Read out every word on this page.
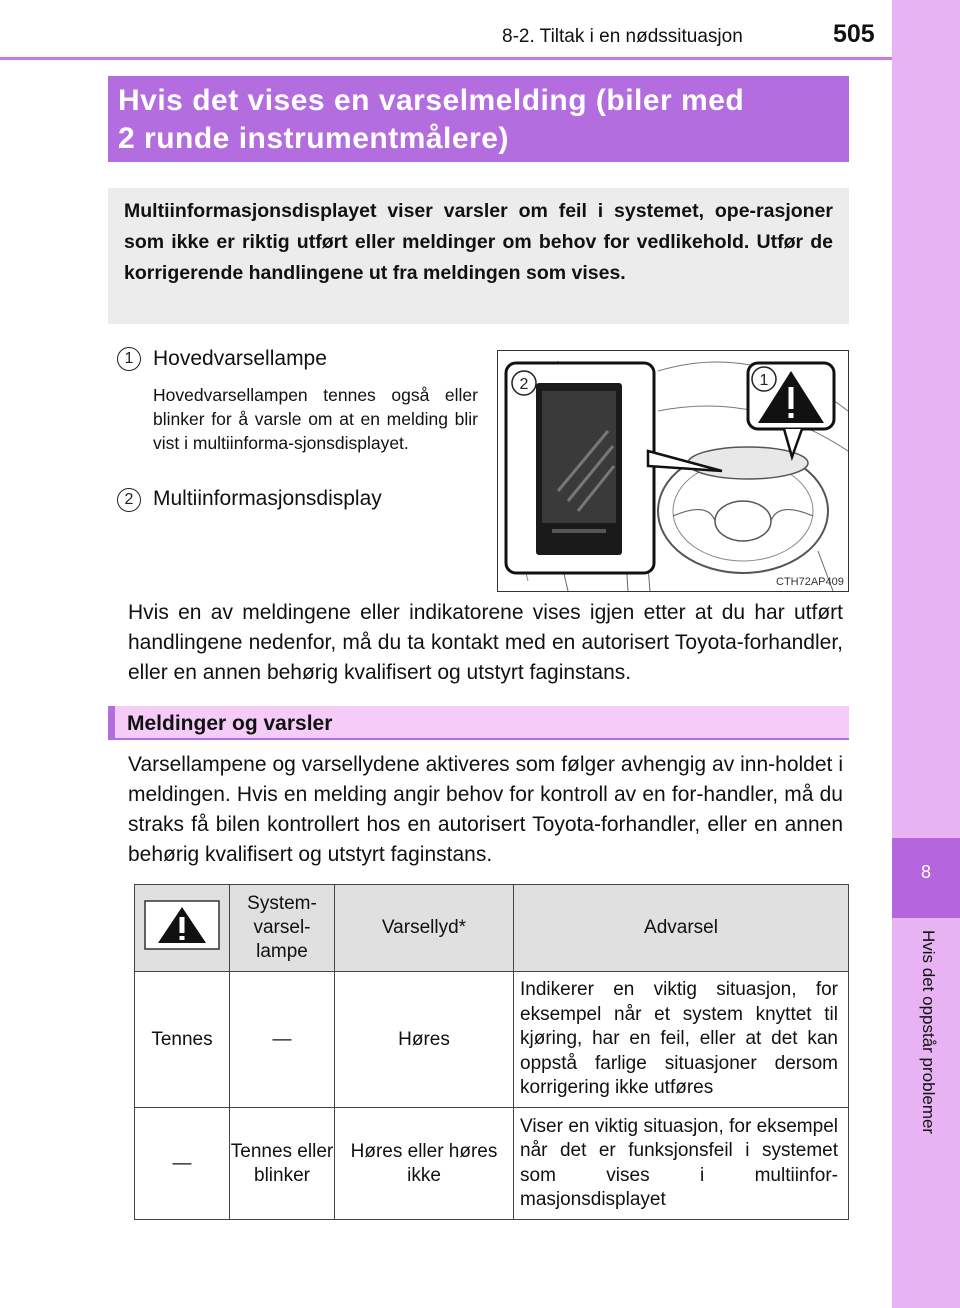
8-2. Tiltak i en nødssituasjon	505
8
Hvis det oppstår problemer
Hvis det vises en varselmelding (biler med
2 runde instrumentmålere)

Multiinformasjonsdisplayet viser varsler om feil i systemet, ope-rasjoner som ikke er riktig utført eller meldinger om behov for vedlikehold. Utfør de korrigerende handlingene ut fra meldingen som vises.

1 Hovedvarsellampe
Hovedvarsellampen tennes også eller blinker for å varsle om at en melding blir vist i multiinforma-sjonsdisplayet.
2 Multiinformasjonsdisplay
2	1
CTH72AP409
Hvis en av meldingene eller indikatorene vises igjen etter at du har utført handlingene nedenfor, må du ta kontakt med en autorisert Toyota-forhandler, eller en annen behørig kvalifisert og utstyrt faginstans.
Meldinger og varsler
Varsellampene og varsellydene aktiveres som følger avhengig av inn-holdet i meldingen. Hvis en melding angir behov for kontroll av en for-handler, må du straks få bilen kontrollert hos en autorisert Toyota-forhandler, eller en annen behørig kvalifisert og utstyrt faginstans.
	System-varsel-lampe	Varsellyd*	Advarsel
Tennes	—	Høres	Indikerer en viktig situasjon, for eksempel når et system knyttet til kjøring, har en feil, eller at det kan oppstå farlige situasjoner dersom korrigering ikke utføres
—	Tennes eller blinker	Høres eller høres ikke	Viser en viktig situasjon, for eksempel når det er funksjonsfeil i systemet som vises i multiinfor-masjonsdisplayet
